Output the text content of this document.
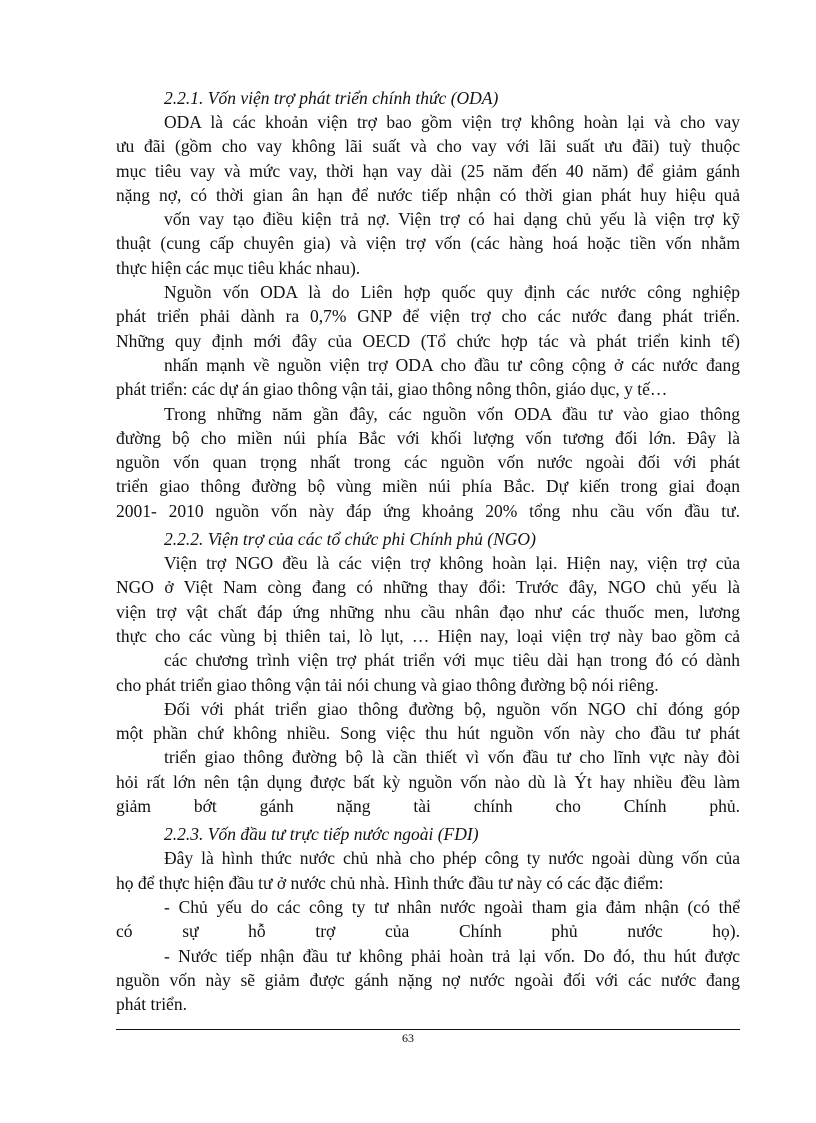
2.2.1. Vốn viện trợ phát triển chính thức (ODA)
ODA là các khoản viện trợ bao gồm viện trợ không hoàn lại và cho vay
ưu đãi (gồm cho vay không lãi suất và cho vay với lãi suất ưu đãi) tuỳ thuộc
mục tiêu vay và mức vay, thời hạn vay dài (25 năm đến 40 năm) để giảm gánh
nặng nợ, có thời gian ân hạn để nước tiếp nhận có thời gian phát huy hiệu quả
vốn vay tạo điều kiện trả nợ. Viện trợ có hai dạng chủ yếu là viện trợ kỹ
thuật (cung cấp chuyên gia) và viện trợ vốn (các hàng hoá hoặc tiền vốn nhằm
thực hiện các mục tiêu khác nhau).
Nguồn vốn ODA là do Liên hợp quốc quy định các nước công nghiệp
phát triển phải dành ra 0,7% GNP để viện trợ cho các nước đang phát triển.
Những quy định mới đây của OECD (Tổ chức hợp tác và phát triển kinh tế)
nhấn mạnh về nguồn viện trợ ODA cho đầu tư công cộng ở các nước đang
phát triển: các dự án giao thông vận tải, giao thông nông thôn, giáo dục, y tế…
Trong những năm gần đây, các nguồn vốn ODA đầu tư vào giao thông
đường bộ cho miền núi phía Bắc với khối lượng vốn tương đối lớn. Đây là
nguồn vốn quan trọng nhất trong các nguồn vốn nước ngoài đối với phát
triển giao thông đường bộ vùng miền núi phía Bắc. Dự kiến trong giai đoạn
2001- 2010 nguồn vốn này đáp ứng khoảng 20% tổng nhu cầu vốn đầu tư.
2.2.2. Viện trợ của các tổ chức phi Chính phủ (NGO)
Viện trợ NGO đều là các viện trợ không hoàn lại. Hiện nay, viện trợ của
NGO ở Việt Nam còng đang có những thay đổi: Trước đây, NGO chủ yếu là
viện trợ vật chất đáp ứng những nhu cầu nhân đạo như các thuốc men, lương
thực cho các vùng bị thiên tai, lò lụt, … Hiện nay, loại viện trợ này bao gồm cả
các chương trình viện trợ phát triển với mục tiêu dài hạn trong đó có dành
cho phát triển giao thông vận tải nói chung và giao thông đường bộ nói riêng.
Đối với phát triển giao thông đường bộ, nguồn vốn NGO chỉ đóng góp
một phần chứ không nhiều. Song việc thu hút nguồn vốn này cho đầu tư phát
triển giao thông đường bộ là cần thiết vì vốn đầu tư cho lĩnh vực này đòi
hỏi rất lớn nên tận dụng được bất kỳ nguồn vốn nào dù là Ýt hay nhiều đều làm
giảm bớt gánh nặng tài chính cho Chính phủ.
2.2.3. Vốn đầu tư trực tiếp nước ngoài (FDI)
Đây là hình thức nước chủ nhà cho phép công ty nước ngoài dùng vốn của
họ để thực hiện đầu tư ở nước chủ nhà. Hình thức đầu tư này có các đặc điểm:
- Chủ yếu do các công ty tư nhân nước ngoài tham gia đảm nhận (có thể
có sự hỗ trợ của Chính phủ nước họ).
- Nước tiếp nhận đầu tư không phải hoàn trả lại vốn. Do đó, thu hút được
nguồn vốn này sẽ giảm được gánh nặng nợ nước ngoài đối với các nước đang
phát triển.
63
